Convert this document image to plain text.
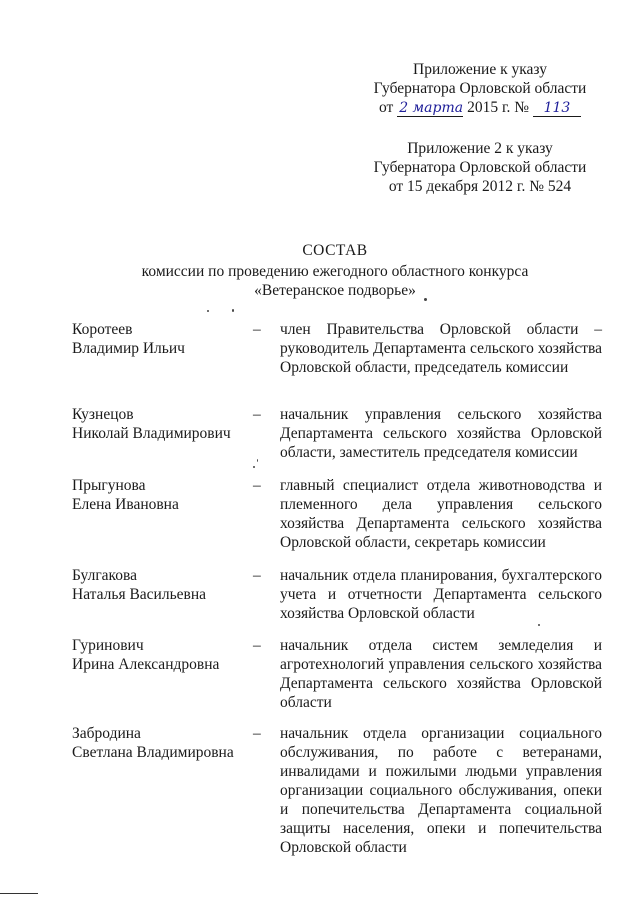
Приложение к указу
Губернатора Орловской области
от 2 марта 2015 г. № 113
Приложение 2 к указу
Губернатора Орловской области
от 15 декабря 2012 г. № 524
СОСТАВ
комиссии по проведению ежегодного областного конкурса
«Ветеранское подворье»
Коротеев
Владимир Ильич
– член Правительства Орловской области – руководитель Департамента сельского хозяйства Орловской области, председатель комиссии
Кузнецов
Николай Владимирович
– начальник управления сельского хозяйства Департамента сельского хозяйства Орловской области, заместитель председателя комиссии
Прыгунова
Елена Ивановна
– главный специалист отдела животноводства и племенного дела управления сельского хозяйства Департамента сельского хозяйства Орловской области, секретарь комиссии
Булгакова
Наталья Васильевна
– начальник отдела планирования, бухгалтерского учета и отчетности Департамента сельского хозяйства Орловской области
Гуринович
Ирина Александровна
– начальник отдела систем земледелия и агротехнологий управления сельского хозяйства Департамента сельского хозяйства Орловской области
Забродина
Светлана Владимировна
– начальник отдела организации социального обслуживания, по работе с ветеранами, инвалидами и пожилыми людьми управления организации социального обслуживания, опеки и попечительства Департамента социальной защиты населения, опеки и попечительства Орловской области
